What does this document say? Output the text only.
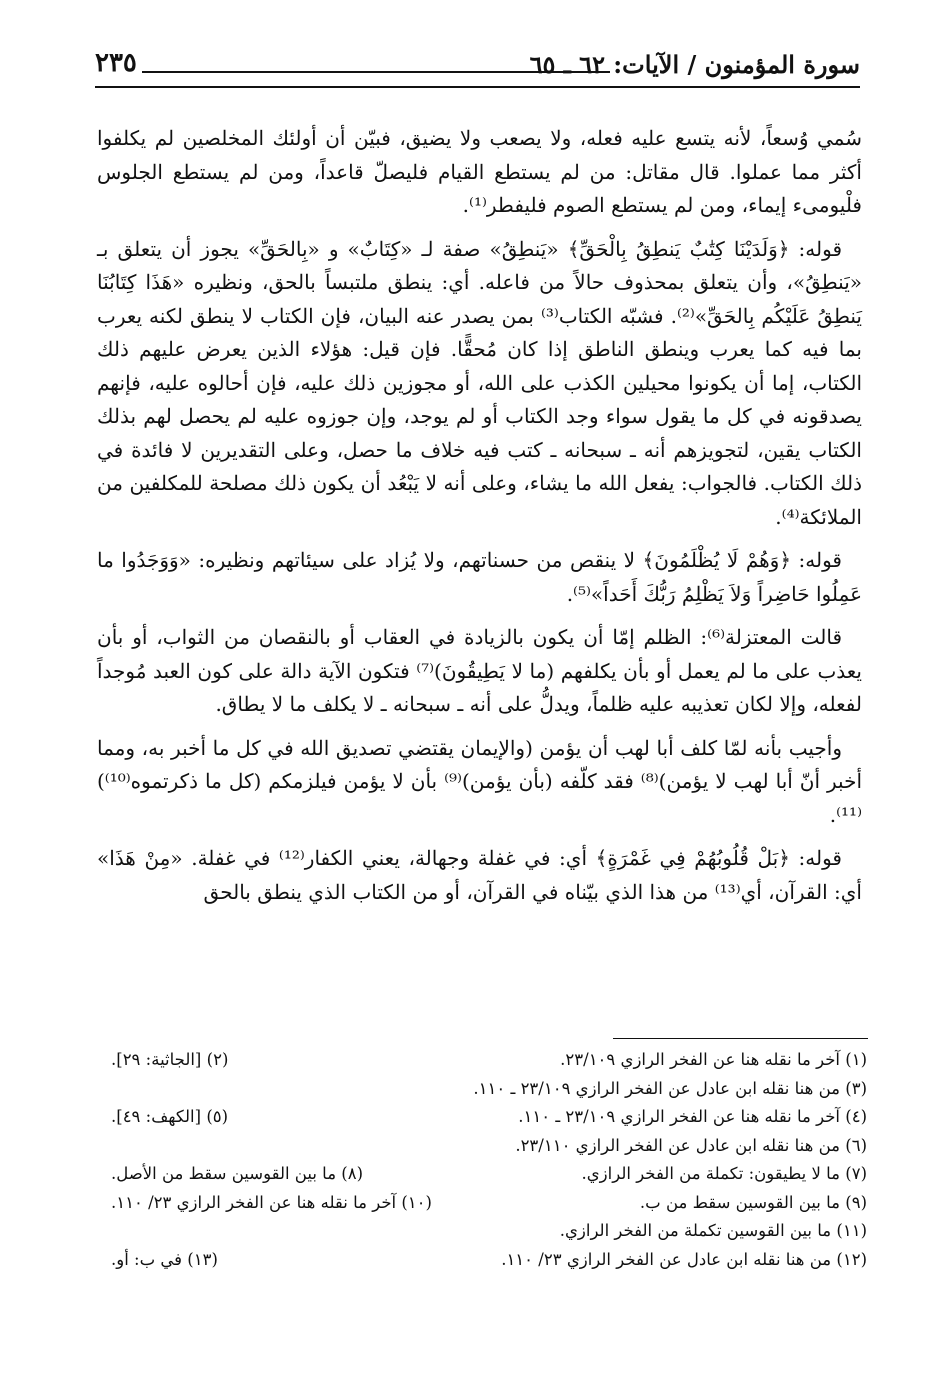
سورة المؤمنون / الآيات: ٦٢ ـ ٦٥
٢٣٥

سُمي وُسعاً، لأنه يتسع عليه فعله، ولا يصعب ولا يضيق، فبيّن أن أولئك المخلصين لم يكلفوا أكثر مما عملوا. قال مقاتل: من لم يستطع القيام فليصلّ قاعداً، ومن لم يستطع الجلوس فلْيومىء إيماء، ومن لم يستطع الصوم فليفطر⁽¹⁾.

قوله: ﴿وَلَدَيْنَا كِتَٰبٌ يَنطِقُ بِالْحَقِّ﴾ «يَنطِقُ» صفة لـ «كِتَابٌ» و «بِالحَقِّ» يجوز أن يتعلق بـ «يَنطِقُ»، وأن يتعلق بمحذوف حالاً من فاعله. أي: ينطق ملتبساً بالحق، ونظيره «هَذَا كِتَابُنَا يَنطِقُ عَلَيْكُم بِالحَقِّ»⁽²⁾. فشبّه الكتاب⁽³⁾ بمن يصدر عنه البيان، فإن الكتاب لا ينطق لكنه يعرب بما فيه كما يعرب وينطق الناطق إذا كان مُحقًّا. فإن قيل: هؤلاء الذين يعرض عليهم ذلك الكتاب، إما أن يكونوا محيلين الكذب على الله، أو مجوزين ذلك عليه، فإن أحالوه عليه، فإنهم يصدقونه في كل ما يقول سواء وجد الكتاب أو لم يوجد، وإن جوزوه عليه لم يحصل لهم بذلك الكتاب يقين، لتجويزهم أنه ـ سبحانه ـ كتب فيه خلاف ما حصل، وعلى التقديرين لا فائدة في ذلك الكتاب. فالجواب: يفعل الله ما يشاء، وعلى أنه لا يَبْعُد أن يكون ذلك مصلحة للمكلفين من الملائكة⁽⁴⁾.

قوله: ﴿وَهُمْ لَا يُظْلَمُونَ﴾ لا ينقص من حسناتهم، ولا يُزاد على سيئاتهم ونظيره: «وَوَجَدُوا ما عَمِلُوا حَاضِراً وَلاَ يَظْلِمُ رَبُّكَ أَحَداً»⁽⁵⁾.

قالت المعتزلة⁽⁶⁾: الظلم إمّا أن يكون بالزيادة في العقاب أو بالنقصان من الثواب، أو بأن يعذب على ما لم يعمل أو بأن يكلفهم (ما لا يَطِيقُونَ)⁽⁷⁾ فتكون الآية دالة على كون العبد مُوجداً لفعله، وإلا لكان تعذيبه عليه ظلماً، ويدلُّ على أنه ـ سبحانه ـ لا يكلف ما لا يطاق.

وأجيب بأنه لمّا كلف أبا لهب أن يؤمن (والإيمان يقتضي تصديق الله في كل ما أخبر به، ومما أخبر أنّ أبا لهب لا يؤمن)⁽⁸⁾ فقد كلّفه (بأن يؤمن)⁽⁹⁾ بأن لا يؤمن فيلزمكم (كل ما ذكرتموه⁽¹⁰⁾)⁽¹¹⁾.

قوله: ﴿بَلْ قُلُوبُهُمْ فِي غَمْرَةٍ﴾ أي: في غفلة وجهالة، يعني الكفار⁽¹²⁾ في غفلة. «مِنْ هَذَا» أي: القرآن، أي⁽¹³⁾ من هذا الذي بيّناه في القرآن، أو من الكتاب الذي ينطق بالحق

(١) آخر ما نقله هنا عن الفخر الرازي ٢٣/١٠٩.
(٢) [الجاثية: ٢٩].
(٣) من هنا نقله ابن عادل عن الفخر الرازي ٢٣/١٠٩ ـ ١١٠.
(٤) آخر ما نقله هنا عن الفخر الرازي ٢٣/١٠٩ ـ ١١٠.
(٥) [الكهف: ٤٩].
(٦) من هنا نقله ابن عادل عن الفخر الرازي ٢٣/١١٠.
(٧) ما لا يطيقون: تكملة من الفخر الرازي.
(٨) ما بين القوسين سقط من الأصل.
(٩) ما بين القوسين سقط من ب.
(١٠) آخر ما نقله هنا عن الفخر الرازي ٢٣/ ١١٠.
(١١) ما بين القوسين تكملة من الفخر الرازي.
(١٢) من هنا نقله ابن عادل عن الفخر الرازي ٢٣/ ١١٠.
(١٣) في ب: أو.
